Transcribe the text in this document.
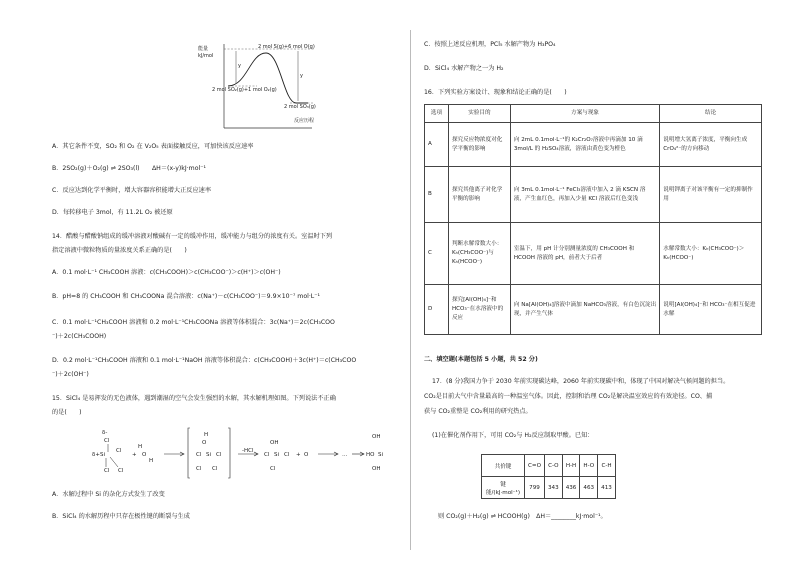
能量
kJ/mol
2 mol S(g)+6 mol O(g)
2 mol SO₂(g)+1 mol O₂(g)
2 mol SO₃(g)
反应历程
y
y
A．其它条件不变，SO₂ 和 O₂ 在 V₂O₅ 表面接触反应，可加快该反应速率
B．2SO₂(g)＋O₂(g) ⇌ 2SO₃(l)　　ΔH＝(x-y)kJ·mol⁻¹
C．反应达到化学平衡时，增大容器容积能增大正反应速率
D．每转移电子 3mol，有 11.2L O₂ 被还原
14．醋酸与醋酸钠组成的缓冲溶液对酸碱有一定的缓冲作用，缓冲能力与组分的浓度有关。室温时下列
指定溶液中微粒物质的量浓度关系正确的是(　　)
A．0.1 mol·L⁻¹ CH₃COOH 溶液：c(CH₃COOH)＞c(CH₃COO⁻)＞c(H⁺)＞c(OH⁻)
B．pH=8 的 CH₃COOH 和 CH₃COONa 混合溶液：c(Na⁺)－c(CH₃COO⁻)＝9.9×10⁻⁷ mol·L⁻¹
C．0.1 mol·L⁻¹CH₃COOH 溶液和 0.2 mol·L⁻¹CH₃COONa 溶液等体积混合：3c(Na⁺)＝2c(CH₃COO
⁻)＋2c(CH₃COOH)
D．0.2 mol·L⁻¹CH₃COOH 溶液和 0.1 mol·L⁻¹NaOH 溶液等体积混合：c(CH₃COOH)＋3c(H⁺)＝c(CH₃COO
⁻)＋2c(OH⁻)
15．SiCl₄ 是易挥发的无色液体，遇到潮湿的空气会发生强烈的水解，其水解机理如图。下列说法不正确
的是(　　)
δ-
Cl
δ+Si
Cl
Cl Cl
+ O
H
H
H
O
Cl Si Cl
Cl Cl
-HCl
OH
Cl Si Cl
Cl
+ O	…
OH
HO Si
OH
A．水解过程中 Si 的杂化方式发生了改变
B．SiCl₄ 的水解历程中只存在极性键的断裂与生成
C．按照上述反应机理，PCl₅ 水解产物为 H₃PO₄
D．SiCl₄ 水解产物之一为 H₂
16．下列实验方案设计、现象和结论正确的是(　　)
选项	实验目的	方案与现象	结论
A	探究反应物浓度对化学平衡的影响	向 2mL 0.1mol·L⁻¹的 K₂Cr₂O₇溶液中再滴加 10 滴 3mol/L 的 H₂SO₄溶液，溶液由黄色变为橙色	说明增大氢离子浓度，平衡向生成 CrO₄²⁻的方向移动
B	探究其他离子对化学平衡的影响	向 3mL 0.1mol·L⁻¹ FeCl₃溶液中加入 2 滴 KSCN 溶液，产生血红色，再加入少量 KCl 溶液后红色变浅	说明钾离子对该平衡有一定的抑制作用
C	判断水解常数大小：Kₕ(CH₃COO⁻)与 Kₕ(HCOO⁻)	室温下，用 pH 计分别测量浓度的 CH₃COOH 和 HCOOH 溶液的 pH，前者大于后者	水解常数大小：Kₕ(CH₃COO⁻)＞Kₕ(HCOO⁻)
D	探究[Al(OH)₄]⁻和 HCO₃⁻在水溶液中的反应	向 Na[Al(OH)₄]溶液中滴加 NaHCO₃溶液，有白色沉淀出现，并产生气体	说明[Al(OH)₄]⁻和 HCO₃⁻在相互促进水解
二、填空题(本题包括 5 小题，共 52 分)
17．(8 分)我国力争于 2030 年前实现碳达峰，2060 年前实现碳中和，体现了中国对解决气候问题的担当。
CO₂是目前大气中含量最高的一种温室气体。因此，控制和治理 CO₂是解决温室效应的有效途径。CO、捕
获与 CO₂重整是 CO₂利用的研究热点。
(1)在催化剂作用下，可用 CO₂与 H₂反应制取甲酸。已知：
共价键	C=O	C-O	H-H	H-O	C-H
键能/(kJ·mol⁻¹)	799	343	436	463	413
则 CO₂(g)＋H₂(g) ⇌ HCOOH(g)　ΔH＝________kJ·mol⁻¹。
